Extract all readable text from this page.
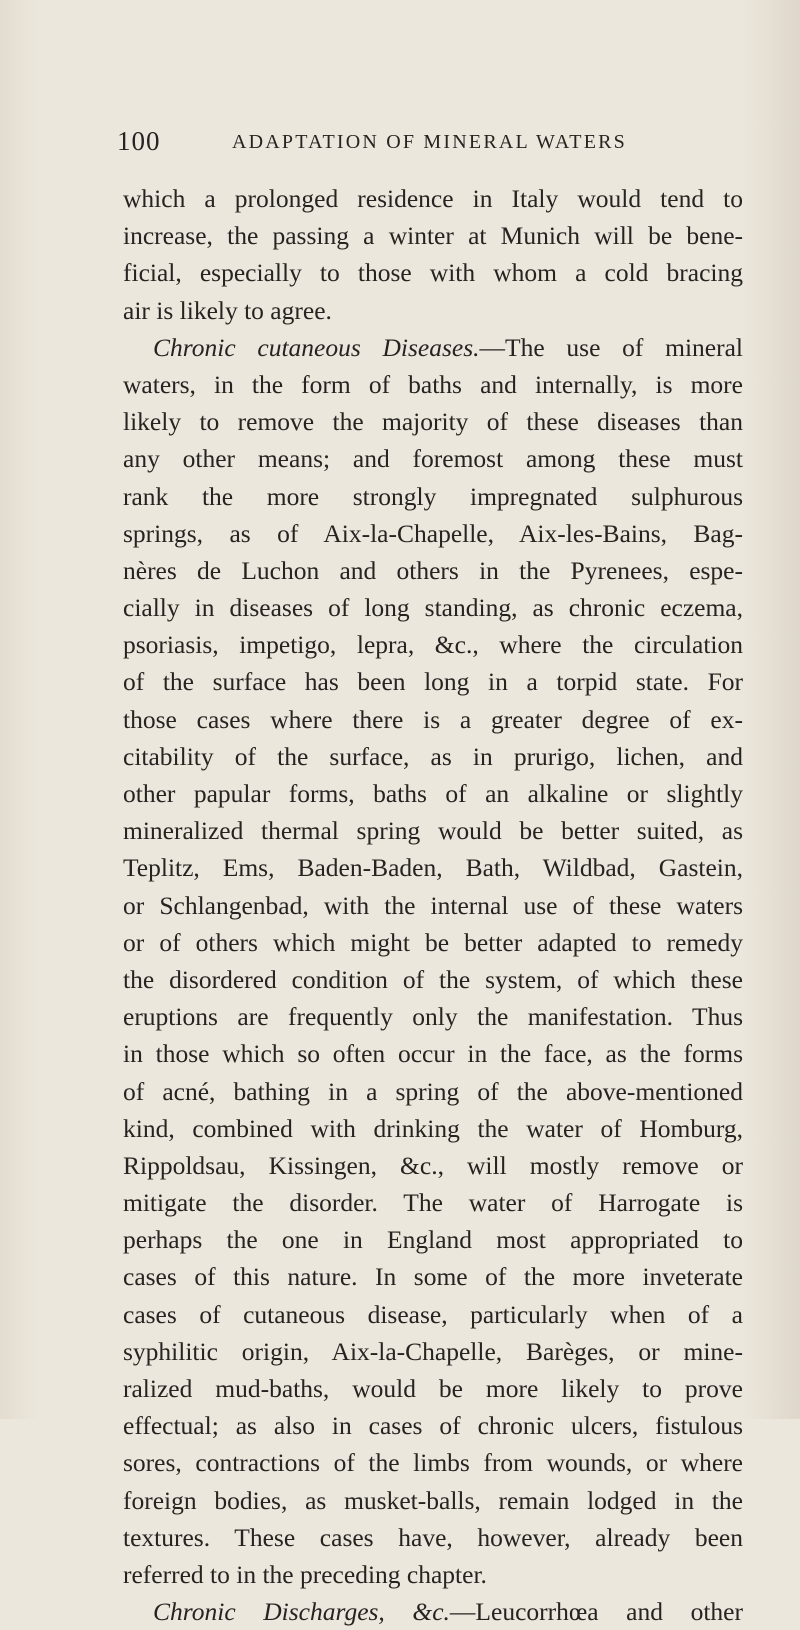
100	ADAPTATION OF MINERAL WATERS
which a prolonged residence in Italy would tend to
increase, the passing a winter at Munich will be bene-
ficial, especially to those with whom a cold bracing
air is likely to agree.
Chronic cutaneous Diseases.—The use of mineral
waters, in the form of baths and internally, is more
likely to remove the majority of these diseases than
any other means; and foremost among these must
rank the more strongly impregnated sulphurous
springs, as of Aix-la-Chapelle, Aix-les-Bains, Bag-
nères de Luchon and others in the Pyrenees, espe-
cially in diseases of long standing, as chronic eczema,
psoriasis, impetigo, lepra, &c., where the circulation
of the surface has been long in a torpid state. For
those cases where there is a greater degree of ex-
citability of the surface, as in prurigo, lichen, and
other papular forms, baths of an alkaline or slightly
mineralized thermal spring would be better suited, as
Teplitz, Ems, Baden-Baden, Bath, Wildbad, Gastein,
or Schlangenbad, with the internal use of these waters
or of others which might be better adapted to remedy
the disordered condition of the system, of which these
eruptions are frequently only the manifestation. Thus
in those which so often occur in the face, as the forms
of acné, bathing in a spring of the above-mentioned
kind, combined with drinking the water of Homburg,
Rippoldsau, Kissingen, &c., will mostly remove or
mitigate the disorder. The water of Harrogate is
perhaps the one in England most appropriated to
cases of this nature. In some of the more inveterate
cases of cutaneous disease, particularly when of a
syphilitic origin, Aix-la-Chapelle, Barèges, or mine-
ralized mud-baths, would be more likely to prove
effectual; as also in cases of chronic ulcers, fistulous
sores, contractions of the limbs from wounds, or where
foreign bodies, as musket-balls, remain lodged in the
textures. These cases have, however, already been
referred to in the preceding chapter.
Chronic Discharges, &c.—Leucorrhœa and other
